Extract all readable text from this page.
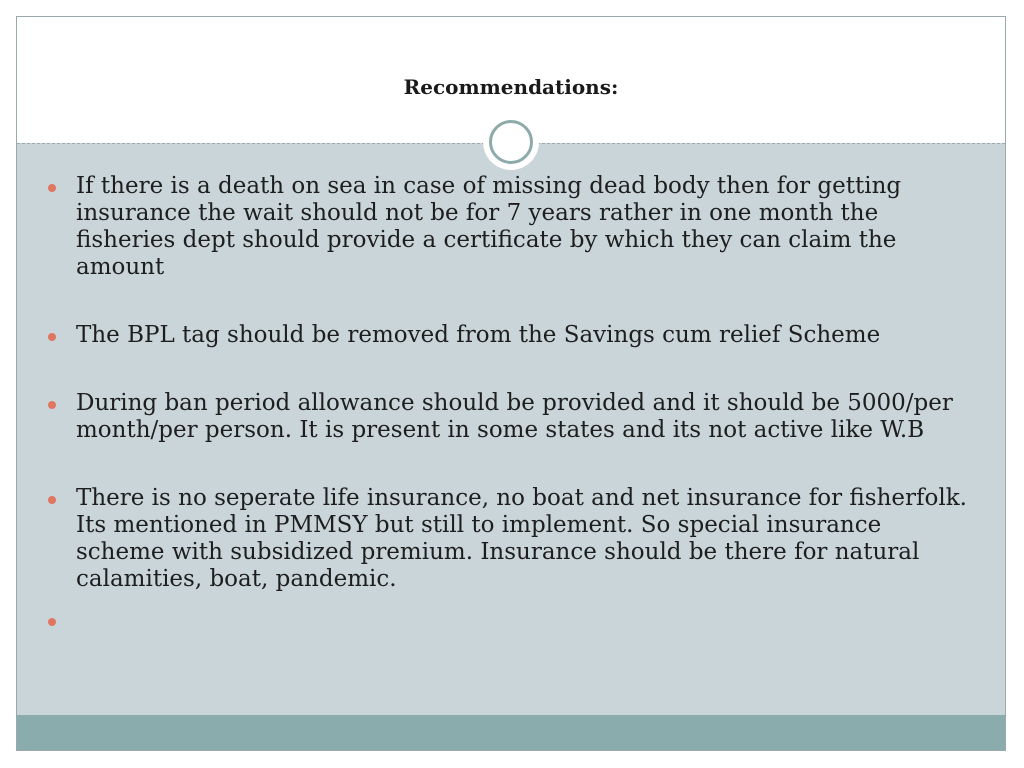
Recommendations:
If there is a death on sea in case of missing dead body then for getting insurance the wait should not be for 7 years rather in one month the fisheries dept should provide a certificate by which they can claim the amount
The BPL tag should be removed from the Savings cum relief Scheme
During ban period allowance should be provided and it should be 5000/per month/per person. It is present in some states and its not active like W.B
There is no seperate life insurance, no boat and net insurance for fisherfolk. Its mentioned in PMMSY but still to implement. So special insurance scheme with subsidized premium. Insurance should be there for natural calamities, boat, pandemic.
